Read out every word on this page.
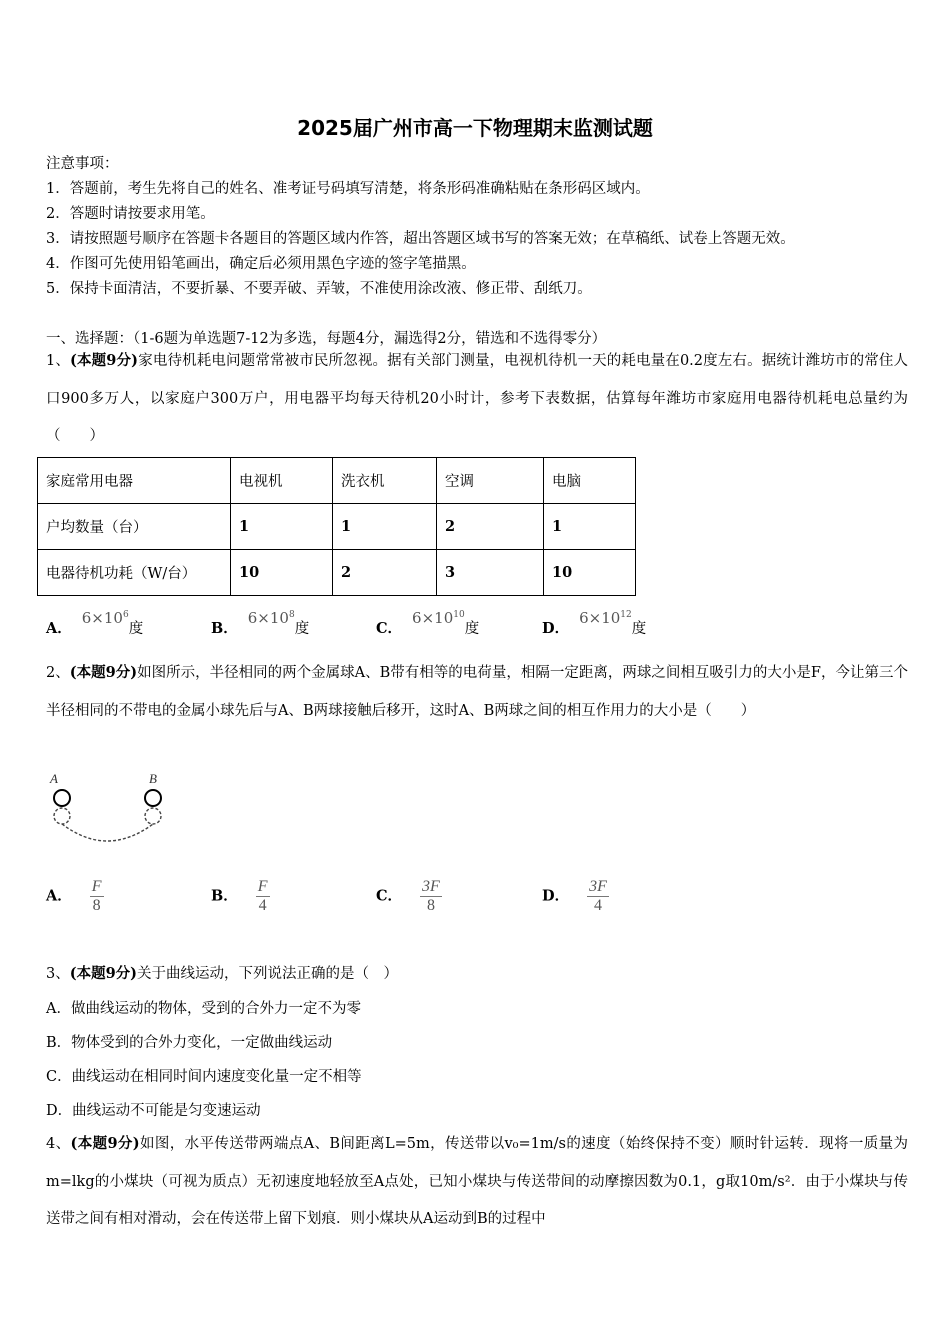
2025届广州市高一下物理期末监测试题
注意事项：
1．答题前，考生先将自己的姓名、准考证号码填写清楚，将条形码准确粘贴在条形码区域内。
2．答题时请按要求用笔。
3．请按照题号顺序在答题卡各题目的答题区域内作答，超出答题区域书写的答案无效；在草稿纸、试卷上答题无效。
4．作图可先使用铅笔画出，确定后必须用黑色字迹的签字笔描黑。
5．保持卡面清洁，不要折暴、不要弄破、弄皱，不准使用涂改液、修正带、刮纸刀。
一、选择题：（1-6题为单选题7-12为多选，每题4分，漏选得2分，错选和不选得零分）
1、(本题9分)家电待机耗电问题常常被市民所忽视。据有关部门测量，电视机待机一天的耗电量在0.2度左右。据统计潍坊市的常住人口900多万人，以家庭户300万户，用电器平均每天待机20小时计，参考下表数据，估算每年潍坊市家庭用电器待机耗电总量约为（　　）
家庭常用电器	电视机	洗衣机	空调	电脑
户均数量（台）	1	1	2	1
电器待机功耗（W/台）	10	2	3	10
A．$6\times 10^6$度	B．$6\times 10^8$度	C．$6\times 10^{10}$度	D．$6\times 10^{12}$度
2、(本题9分)如图所示，半径相同的两个金属球A、B带有相等的电荷量，相隔一定距离，两球之间相互吸引力的大小是F，今让第三个半径相同的不带电的金属小球先后与A、B两球接触后移开，这时A、B两球之间的相互作用力的大小是（　　）
A	B
A． $\frac{F}{8}$	B． $\frac{F}{4}$	C． $\frac{3F}{8}$	D． $\frac{3F}{4}$
3、(本题9分)关于曲线运动，下列说法正确的是（　）
A．做曲线运动的物体，受到的合外力一定不为零
B．物体受到的合外力变化，一定做曲线运动
C．曲线运动在相同时间内速度变化量一定不相等
D．曲线运动不可能是匀变速运动
4、(本题9分)如图，水平传送带两端点A、B间距离L=5m，传送带以v₀=1m/s的速度（始终保持不变）顺时针运转．现将一质量为m=lkg的小煤块（可视为质点）无初速度地轻放至A点处，已知小煤块与传送带间的动摩擦因数为0.1，g取10m/s²．由于小煤块与传送带之间有相对滑动，会在传送带上留下划痕．则小煤块从A运动到B的过程中
